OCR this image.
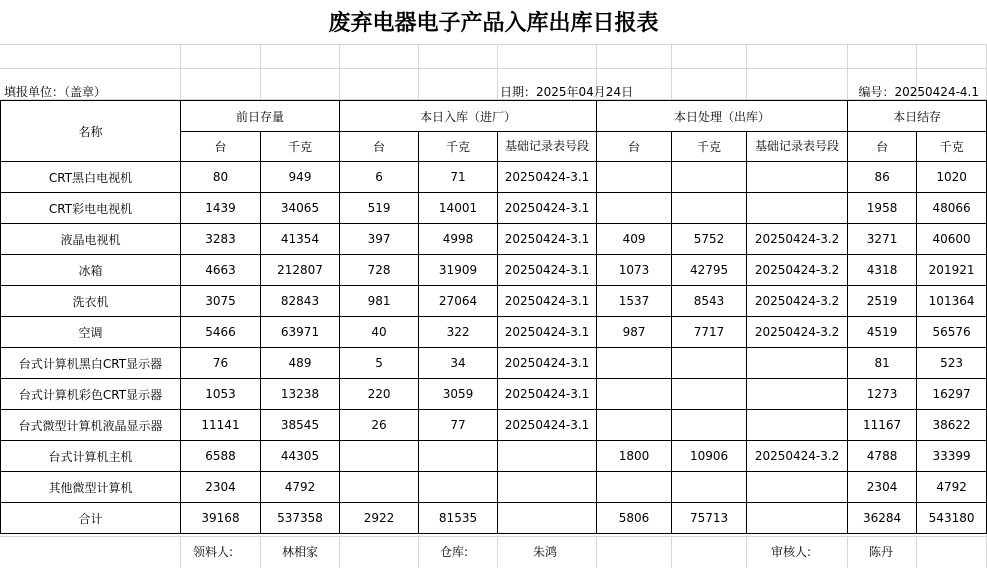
废弃电器电子产品入库出库日报表
填报单位：（盖章）	日期：2025年04月24日	编号：20250424-4.1
名称	前日存量		本日入库（进厂）			本日处理（出库）			本日结存	
	台	千克	台	千克	基础记录表号段	台	千克	基础记录表号段	台	千克
CRT黑白电视机	80	949	6	71	20250424-3.1				86	1020
CRT彩电电视机	1439	34065	519	14001	20250424-3.1				1958	48066
液晶电视机	3283	41354	397	4998	20250424-3.1	409	5752	20250424-3.2	3271	40600
冰箱	4663	212807	728	31909	20250424-3.1	1073	42795	20250424-3.2	4318	201921
洗衣机	3075	82843	981	27064	20250424-3.1	1537	8543	20250424-3.2	2519	101364
空调	5466	63971	40	322	20250424-3.1	987	7717	20250424-3.2	4519	56576
台式计算机黑白CRT显示器	76	489	5	34	20250424-3.1				81	523
台式计算机彩色CRT显示器	1053	13238	220	3059	20250424-3.1				1273	16297
台式微型计算机液晶显示器	11141	38545	26	77	20250424-3.1				11167	38622
台式计算机主机	6588	44305				1800	10906	20250424-3.2	4788	33399
其他微型计算机	2304	4792							2304	4792
合计	39168	537358	2922	81535		5806	75713		36284	543180
领料人:	林相家	仓库:	朱鸿	审核人:	陈丹
